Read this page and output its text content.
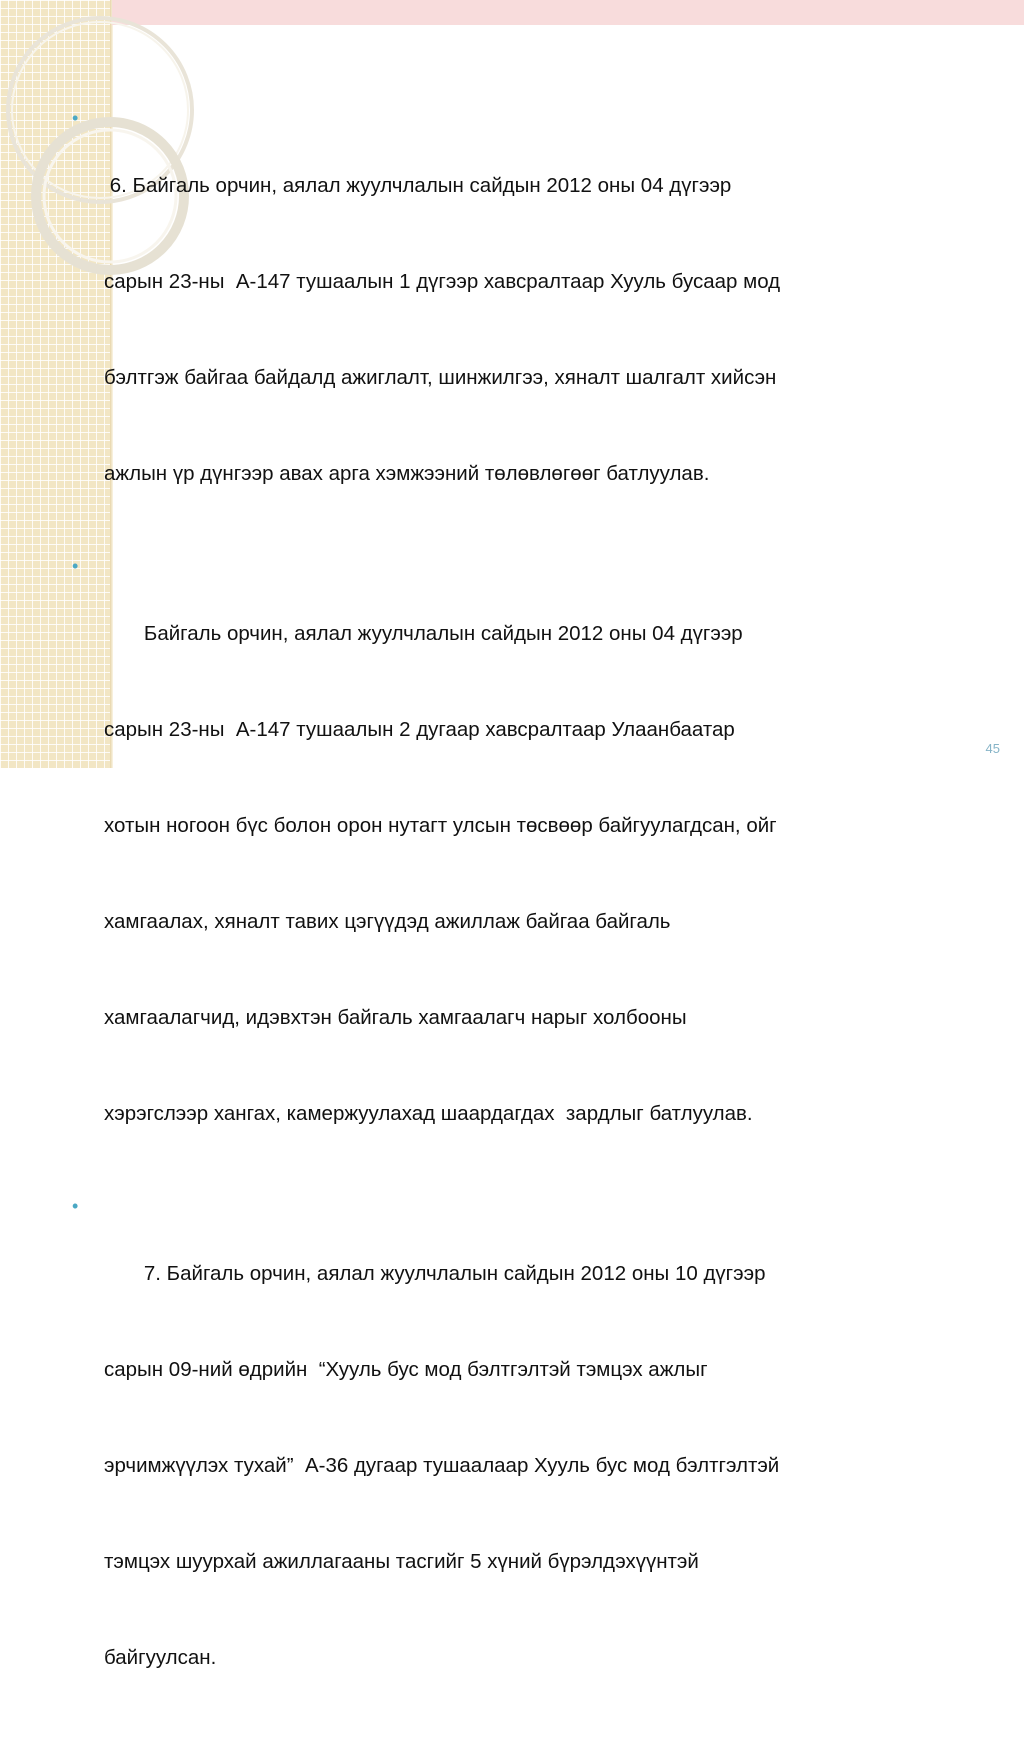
•

6. Байгаль орчин, аялал жуулчлалын сайдын 2012 оны 04 дүгээр

сарын 23-ны  А-147 тушаалын 1 дүгээр хавсралтаар Хууль бусаар мод

бэлтгэж байгаа байдалд ажиглалт, шинжилгээ, хяналт шалгалт хийсэн

ажлын үр дүнгээр авах арга хэмжээний төлөвлөгөөг батлуулав.

•

Байгаль орчин, аялал жуулчлалын сайдын 2012 оны 04 дүгээр

сарын 23-ны  А-147 тушаалын 2 дугаар хавсралтаар Улаанбаатар

хотын ногоон бүс болон орон нутагт улсын төсвөөр байгуулагдсан, ойг

хамгаалах, хяналт тавих цэгүүдэд ажиллаж байгаа байгаль

хамгаалагчид, идэвхтэн байгаль хамгаалагч нарыг холбооны

хэрэгслээр хангах, камержуулахад шаардагдах  зардлыг батлуулав.

•

7. Байгаль орчин, аялал жуулчлалын сайдын 2012 оны 10 дүгээр

сарын 09-ний өдрийн  “Хууль бус мод бэлтгэлтэй тэмцэх ажлыг

эрчимжүүлэх тухай”  А-36 дугаар тушаалаар Хууль бус мод бэлтгэлтэй

тэмцэх шуурхай ажиллагааны тасгийг 5 хүний бүрэлдэхүүнтэй

байгуулсан.

45
